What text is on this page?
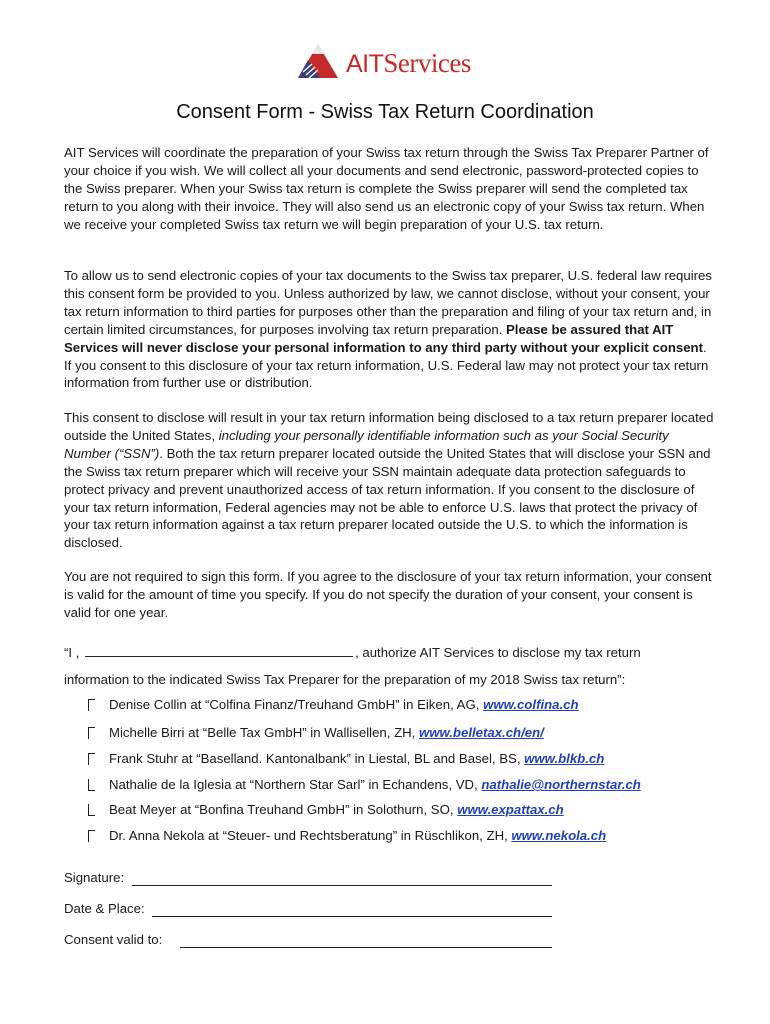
AITServices
Consent Form - Swiss Tax Return Coordination
AIT Services will coordinate the preparation of your Swiss tax return through the Swiss Tax Preparer Partner of your choice if you wish. We will collect all your documents and send electronic, password-protected copies to the Swiss preparer. When your Swiss tax return is complete the Swiss preparer will send the completed tax return to you along with their invoice. They will also send us an electronic copy of your Swiss tax return. When we receive your completed Swiss tax return we will begin preparation of your U.S. tax return.
To allow us to send electronic copies of your tax documents to the Swiss tax preparer, U.S. federal law requires this consent form be provided to you. Unless authorized by law, we cannot disclose, without your consent, your tax return information to third parties for purposes other than the preparation and filing of your tax return and, in certain limited circumstances, for purposes involving tax return preparation. Please be assured that AIT Services will never disclose your personal information to any third party without your explicit consent. If you consent to this disclosure of your tax return information, U.S. Federal law may not protect your tax return information from further use or distribution.
This consent to disclose will result in your tax return information being disclosed to a tax return preparer located outside the United States, including your personally identifiable information such as your Social Security Number (“SSN”). Both the tax return preparer located outside the United States that will disclose your SSN and the Swiss tax return preparer which will receive your SSN maintain adequate data protection safeguards to protect privacy and prevent unauthorized access of tax return information. If you consent to the disclosure of your tax return information, Federal agencies may not be able to enforce U.S. laws that protect the privacy of your tax return information against a tax return preparer located outside the U.S. to which the information is disclosed.
You are not required to sign this form. If you agree to the disclosure of your tax return information, your consent is valid for the amount of time you specify. If you do not specify the duration of your consent, your consent is valid for one year.
“I ,	, authorize AIT Services to disclose my tax return
information to the indicated Swiss Tax Preparer for the preparation of my 2018 Swiss tax return”:
Denise Collin at “Colfina Finanz/Treuhand GmbH” in Eiken, AG, www.colfina.ch
Michelle Birri at “Belle Tax GmbH” in Wallisellen, ZH, www.belletax.ch/en/
Frank Stuhr at “Baselland. Kantonalbank” in Liestal, BL and Basel, BS, www.blkb.ch
Nathalie de la Iglesia at “Northern Star Sarl” in Echandens, VD, nathalie@northernstar.ch
Beat Meyer at “Bonfina Treuhand GmbH” in Solothurn, SO, www.expattax.ch
Dr. Anna Nekola at “Steuer- und Rechtsberatung” in Rüschlikon, ZH, www.nekola.ch
Signature:
Date & Place:
Consent valid to:
